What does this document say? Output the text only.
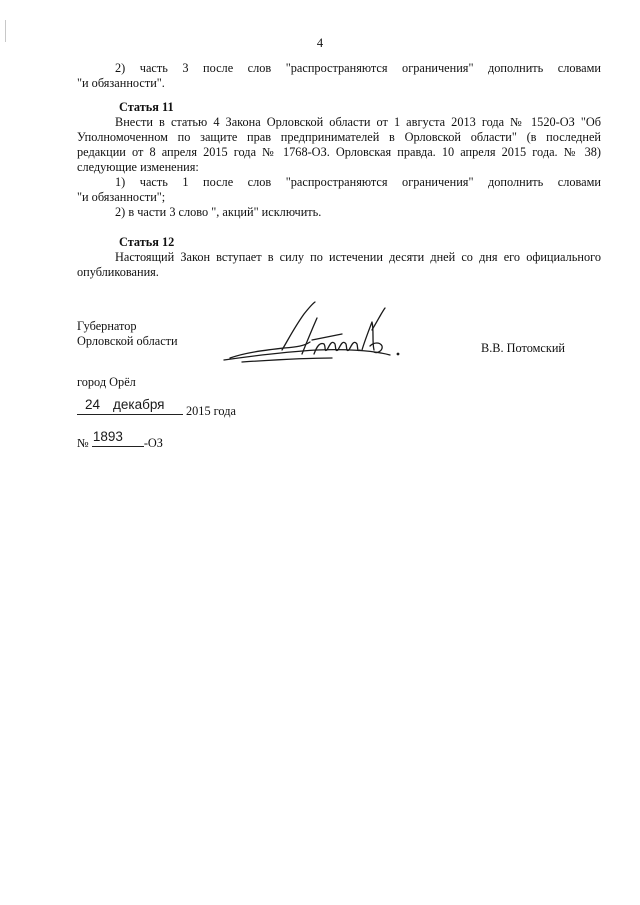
4
2) часть 3 после слов "распространяются ограничения" дополнить словами
"и обязанности".
Статья 11
Внести в статью 4 Закона Орловской области от 1 августа 2013 года № 1520-ОЗ "Об
Уполномоченном по защите прав предпринимателей в Орловской области" (в последней
редакции от 8 апреля 2015 года № 1768-ОЗ. Орловская правда. 10 апреля 2015 года. № 38)
следующие изменения:
1) часть 1 после слов "распространяются ограничения" дополнить словами
"и обязанности";
2) в части 3 слово ", акций" исключить.
Статья 12
Настоящий Закон вступает в силу по истечении десяти дней со дня его официального
опубликования.
Губернатор
Орловской области	В.В. Потомский
город Орёл
24 декабря 2015 года
№ 1893 -ОЗ
